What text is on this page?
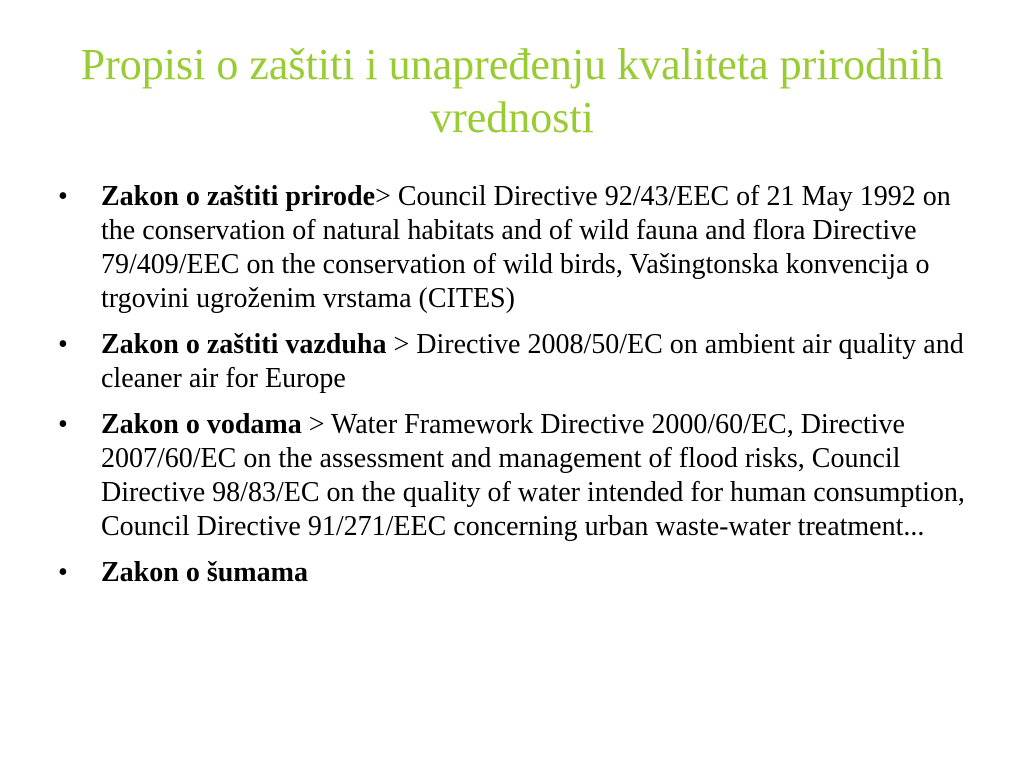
Propisi o zaštiti i unapređenju kvaliteta prirodnih vrednosti
• Zakon o zaštiti prirode> Council Directive 92/43/EEC of 21 May 1992 on the conservation of natural habitats and of wild fauna and flora Directive 79/409/EEC on the conservation of wild birds, Vašingtonska konvencija o trgovini ugroženim vrstama (CITES)
• Zakon o zaštiti vazduha > Directive 2008/50/EC on ambient air quality and cleaner air for Europe
• Zakon o vodama > Water Framework Directive 2000/60/EC, Directive 2007/60/EC on the assessment and management of flood risks, Council Directive 98/83/EC on the quality of water intended for human consumption, Council Directive 91/271/EEC concerning urban waste-water treatment...
• Zakon o šumama
